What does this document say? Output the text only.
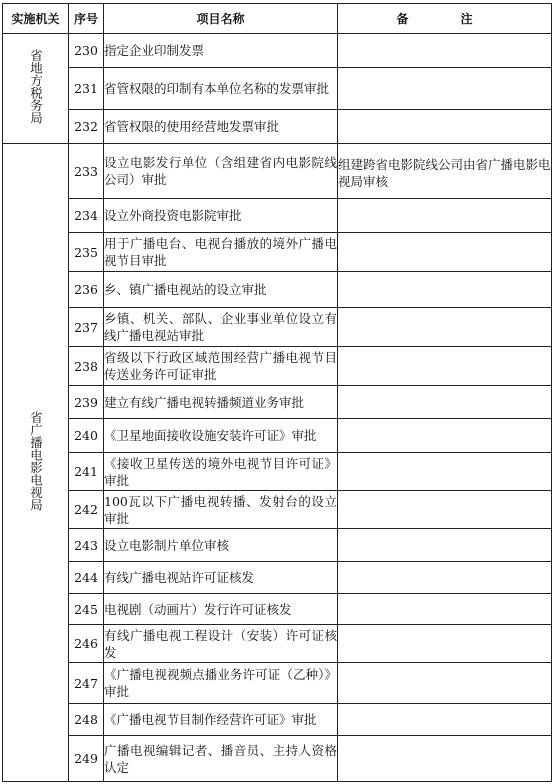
实施机关	序号	项目名称	备　注
省地方税务局	230	指定企业印制发票	
	231	省管权限的印制有本单位名称的发票审批	
	232	省管权限的使用经营地发票审批	
省广播电影电视局	233	设立电影发行单位（含组建省内电影院线公司）审批	组建跨省电影院线公司由省广播电影电视局审核
	234	设立外商投资电影院审批	
	235	用于广播电台、电视台播放的境外广播电视节目审批	
	236	乡、镇广播电视站的设立审批	
	237	乡镇、机关、部队、企业事业单位设立有线广播电视站审批	
	238	省级以下行政区域范围经营广播电视节目传送业务许可证审批	
	239	建立有线广播电视转播频道业务审批	
	240	《卫星地面接收设施安装许可证》审批	
	241	《接收卫星传送的境外电视节目许可证》审批	
	242	100瓦以下广播电视转播、发射台的设立审批	
	243	设立电影制片单位审核	
	244	有线广播电视站许可证核发	
	245	电视剧（动画片）发行许可证核发	
	246	有线广播电视工程设计（安装）许可证核发	
	247	《广播电视视频点播业务许可证（乙种）》审批	
	248	《广播电视节目制作经营许可证》审批	
	249	广播电视编辑记者、播音员、主持人资格认定	
